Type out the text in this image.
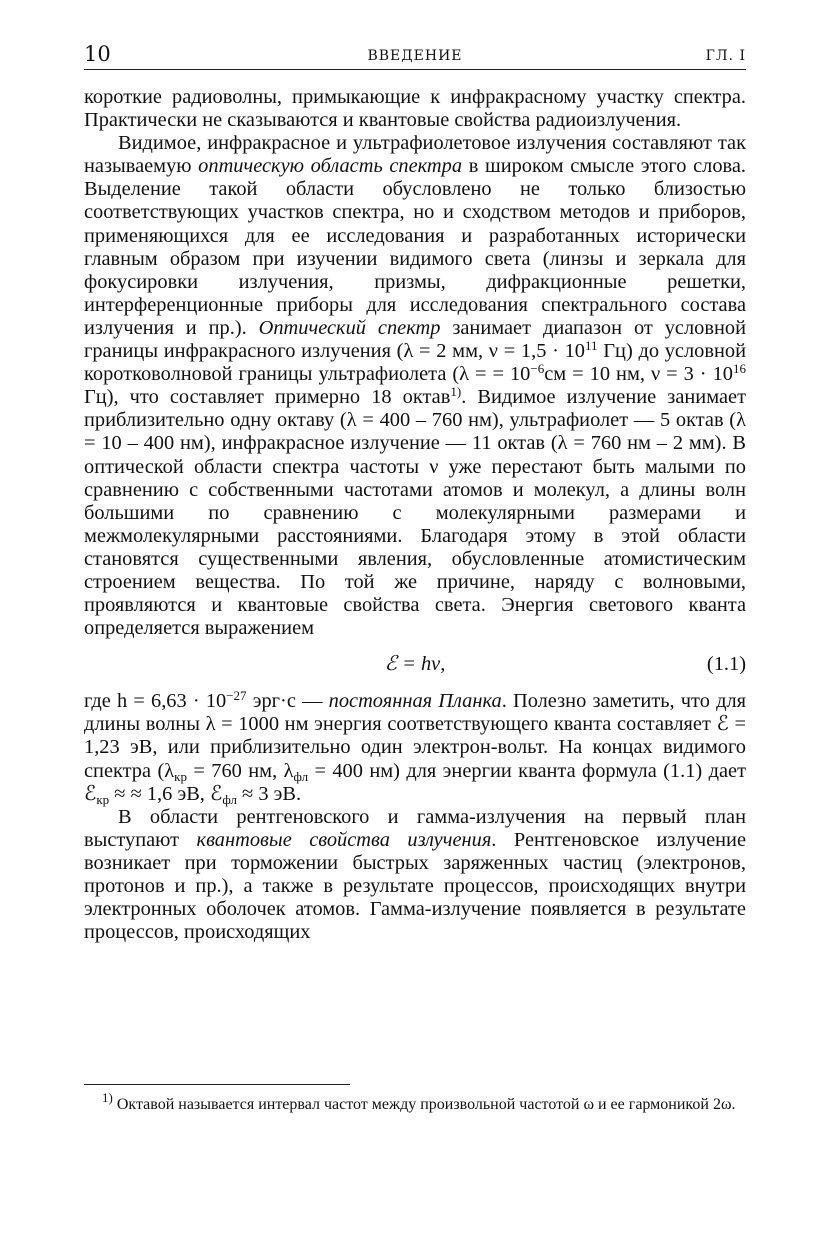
10	ВВЕДЕНИЕ	ГЛ. I

короткие радиоволны, примыкающие к инфракрасному участку спектра. Практически не сказываются и квантовые свойства радиоизлучения.

Видимое, инфракрасное и ультрафиолетовое излучения составляют так называемую оптическую область спектра в широком смысле этого слова. Выделение такой области обусловлено не только близостью соответствующих участков спектра, но и сходством методов и приборов, применяющихся для ее исследования и разработанных исторически главным образом при изучении видимого света (линзы и зеркала для фокусировки излучения, призмы, дифракционные решетки, интерференционные приборы для исследования спектрального состава излучения и пр.). Оптический спектр занимает диапазон от условной границы инфракрасного излучения (λ = 2 мм, $\nu = 1,5 \cdot 10^{11}$ Гц) до условной коротковолновой границы ультрафиолета (λ = = $10^{-6}см = 10$ нм, $\nu = 3 \cdot 10^{16}$ Гц), что составляет примерно 18 октав$^{1)}$. Видимое излучение занимает приблизительно одну октаву (λ = 400 – 760 нм), ультрафиолет — 5 октав (λ = 10 – 400 нм), инфракрасное излучение — 11 октав (λ = 760 нм – 2 мм). В оптической области спектра частоты ν уже перестают быть малыми по сравнению с собственными частотами атомов и молекул, а длины волн большими по сравнению с молекулярными размерами и межмолекулярными расстояниями. Благодаря этому в этой области становятся существенными явления, обусловленные атомистическим строением вещества. По той же причине, наряду с волновыми, проявляются и квантовые свойства света. Энергия светового кванта определяется выражением

ℰ = hν,	(1.1)

где $h = 6,63 \cdot 10^{-27}$ эрг·с — постоянная Планка. Полезно заметить, что для длины волны λ = 1000 нм энергия соответствующего кванта составляет ℰ = 1,23 эВ, или приблизительно один электрон-вольт. На концах видимого спектра ($\lambda_{кр} = 760$ нм, $\lambda_{фл} = 400$ нм) для энергии кванта формула (1.1) дает ℰ$_{кр}$ ≈ ≈ 1,6 эВ, ℰ$_{фл}$ ≈ 3 эВ.

В области рентгеновского и гамма-излучения на первый план выступают квантовые свойства излучения. Рентгеновское излучение возникает при торможении быстрых заряженных частиц (электронов, протонов и пр.), а также в результате процессов, происходящих внутри электронных оболочек атомов. Гамма-излучение появляется в результате процессов, происходящих

$^{1)}$ Октавой называется интервал частот между произвольной частотой ω и ее гармоникой 2ω.
